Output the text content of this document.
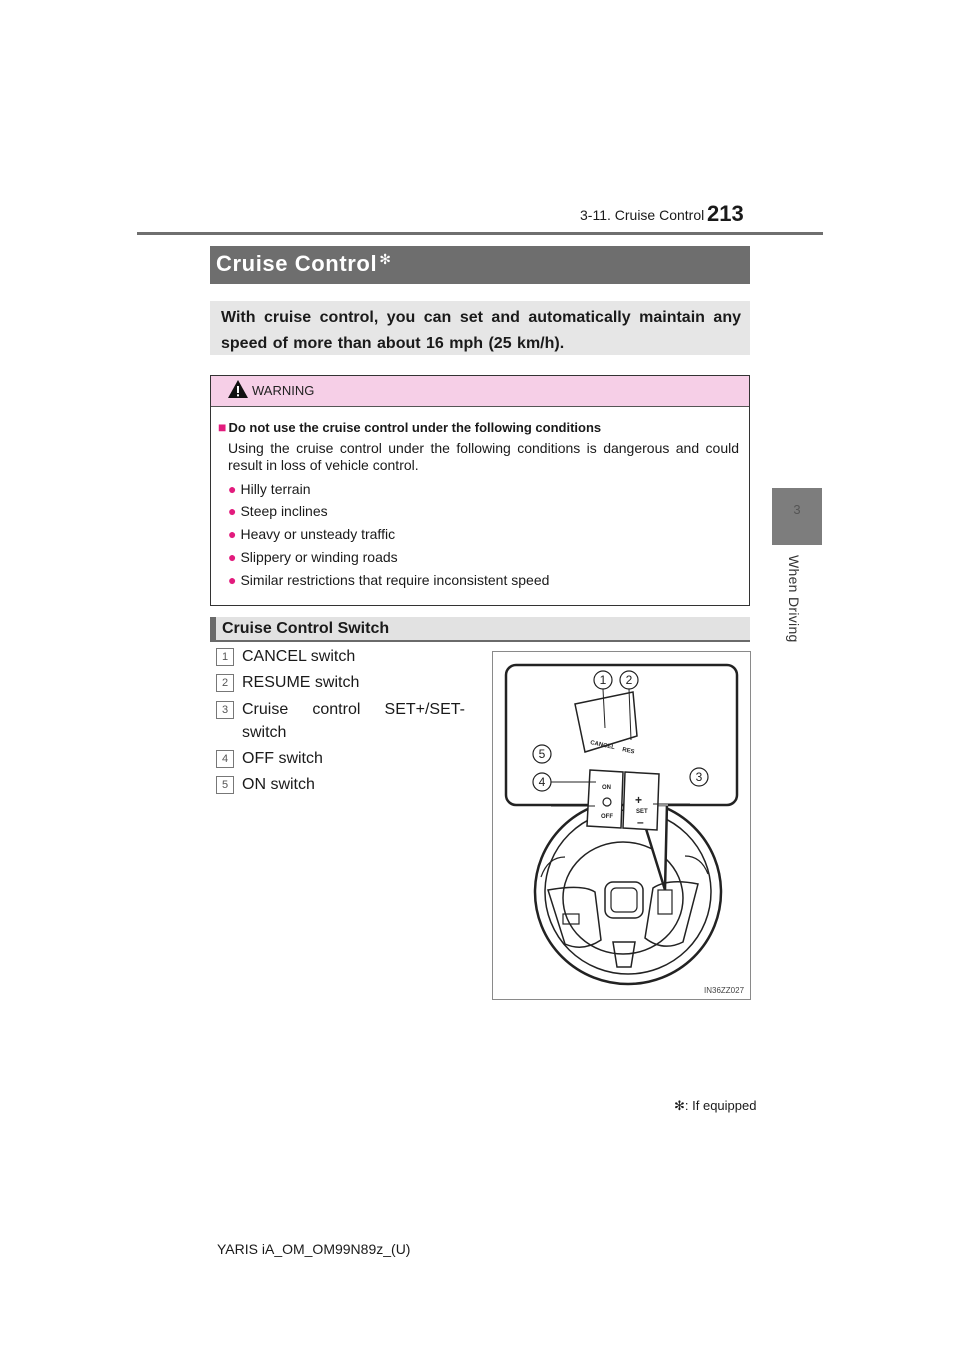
3-11. Cruise Control 213
3
When Driving
Cruise Control ✻
With cruise control, you can set and automatically maintain any speed of more than about 16 mph (25 km/h).
WARNING
■ Do not use the cruise control under the following conditions
Using the cruise control under the following conditions is dangerous and could result in loss of vehicle control.
● Hilly terrain
● Steep inclines
● Heavy or unsteady traffic
● Slippery or winding roads
● Similar restrictions that require inconsistent speed
Cruise Control Switch
1 CANCEL switch
2 RESUME switch
3 Cruise control SET+/SET-
switch
4 OFF switch
5 ON switch
CANCEL
RES
ON
OFF
+
SET
–
1 2
3
4
5
IN36ZZ027
✻: If equipped
YARIS iA_OM_OM99N89z_(U)
